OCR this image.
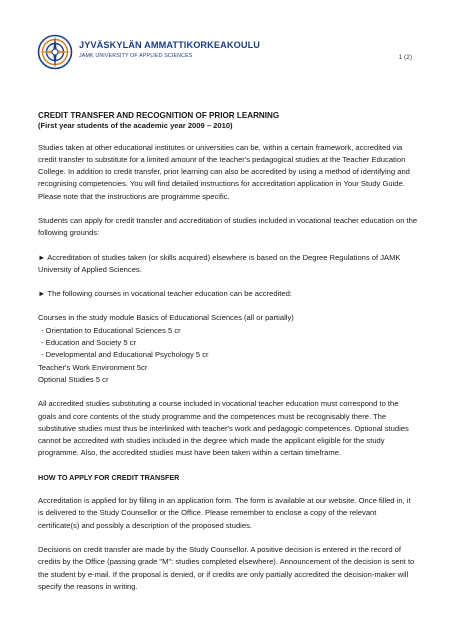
JYVÄSKYLÄN AMMATTIKORKEAKOULU
JAMK UNIVERSITY OF APPLIED SCIENCES	1 (2)
CREDIT TRANSFER AND RECOGNITION OF PRIOR LEARNING
(First year students of the academic year 2009 – 2010)

Studies taken at other educational institutes or universities can be, within a certain framework, accredited via credit transfer to substitute for a limited amount of the teacher's pedagogical studies at the Teacher Education College. In addition to credit transfer, prior learning can also be accredited by using a method of identifying and recognising competencies. You will find detailed instructions for accreditation application in Your Study Guide. Please note that the instructions are programme specific.

Students can apply for credit transfer and accreditation of studies included in vocational teacher education on the following grounds:

► Accreditation of studies taken (or skills acquired) elsewhere is based on the Degree Regulations of JAMK University of Applied Sciences.

► The following courses in vocational teacher education can be accredited:

Courses in the study module Basics of Educational Sciences (all or partially)
- Orientation to Educational Sciences 5 cr
- Education and Society 5 cr
- Developmental and Educational Psychology 5 cr
Teacher's Work Environment 5cr
Optional Studies 5 cr

All accredited studies substituting a course included in vocational teacher education must correspond to the goals and core contents of the study programme and the competences must be recognisably there. The substitutive studies must thus be interlinked with teacher's work and pedagogic competences. Optional studies cannot be accredited with studies included in the degree which made the applicant eligible for the study programme. Also, the accredited studies must have been taken within a certain timeframe.

HOW TO APPLY FOR CREDIT TRANSFER

Accreditation is applied for by filling in an application form. The form is available at our website. Once filled in, it is delivered to the Study Counsellor or the Office. Please remember to enclose a copy of the relevant certificate(s) and possibly a description of the proposed studies.

Decisions on credit transfer are made by the Study Counsellor. A positive decision is entered in the record of credits by the Office (passing grade "M": studies completed elsewhere). Announcement of the decision is sent to the student by e-mail. If the proposal is denied, or if credits are only partially accredited the decision-maker will specify the reasons in writing.
